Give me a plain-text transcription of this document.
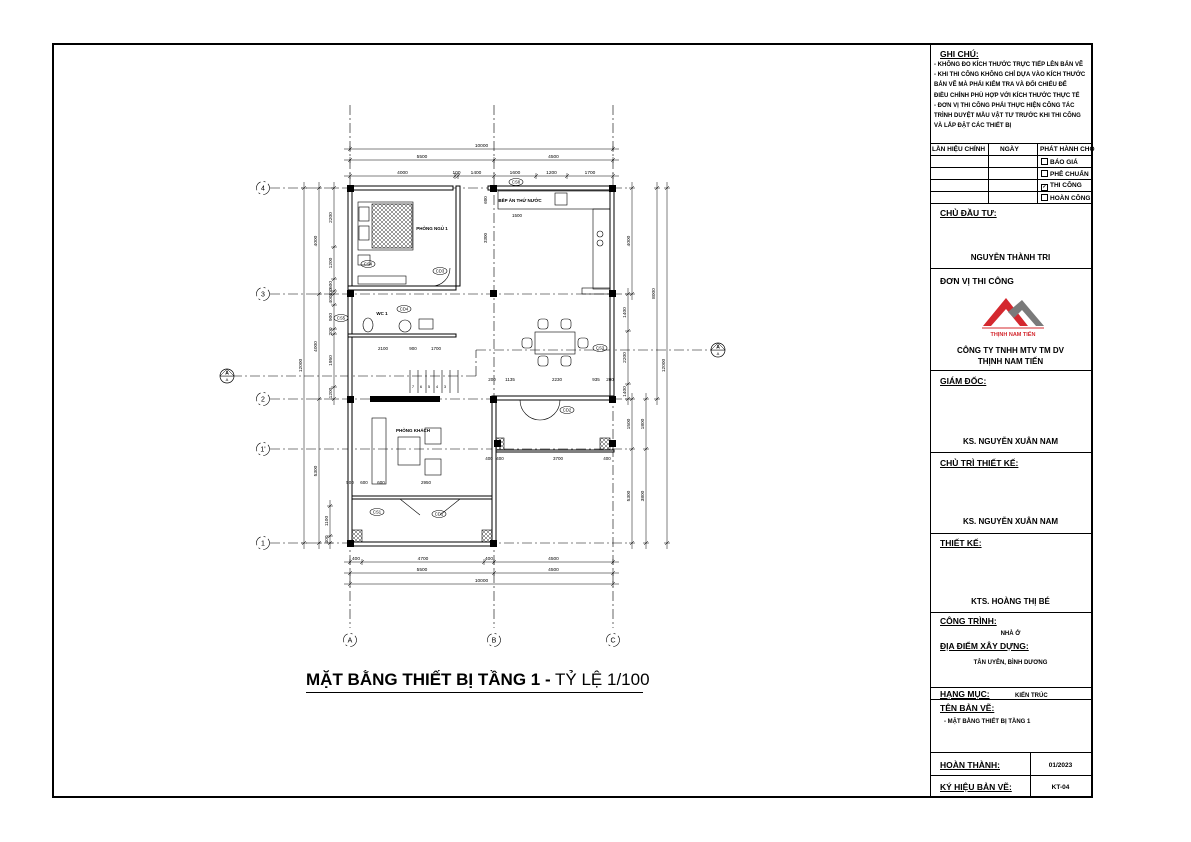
A	B	C
4
3
2
1'
1
A
A
A
A
10000
5500	4500
4000	100 1400	1600	1200	1700
400	4700	400	4500
5500	4500
10000
2200
1200
600
400
400
900
200
1950
1200
4000
4000
5300
12000
1100
400
4000
8000
1400
2200
1400
1500
5300
1800
3800
12000
7 6 5 4 3
PHÒNG NGỦ 1
BẾP ĂN THỨ NƯỚC
WC 1
PHÒNG KHÁCH
CS8
CD3
CS4
CS5
CD4
CS3
CD2
CS1	CD1
3300
1500
600
2100	900	1700
200 1135	2230	935 200
400	3700
400	400
600 600	2950
500
MẶT BẰNG THIẾT BỊ TẦNG 1 - TỶ LỆ 1/100
GHI CHÚ:
- KHÔNG ĐO KÍCH THƯỚC TRỰC TIẾP LÊN BẢN VẼ
- KHI THI CÔNG KHÔNG CHỈ DỰA VÀO KÍCH THƯỚC
BẢN VẼ MÀ PHẢI KIỂM TRA VÀ ĐỐI CHIẾU ĐỂ
ĐIỀU CHỈNH PHÙ HỢP VỚI KÍCH THƯỚC THỰC TẾ
- ĐƠN VỊ THI CÔNG PHẢI THỰC HIỆN CÔNG TÁC
TRÌNH DUYỆT MẪU VẬT TƯ TRƯỚC KHI THI CÔNG
VÀ LẮP ĐẶT CÁC THIẾT BỊ
LẦN HIỆU CHỈNH NGÀY	PHÁT HÀNH CHO
BÁO GIÁ
PHÊ CHUẨN
✓ THI CÔNG
HOÀN CÔNG
CHỦ ĐẦU TƯ:
NGUYỄN THÀNH TRI
ĐƠN VỊ THI CÔNG
THỊNH NAM TIẾN
CÔNG TY TNHH MTV TM DV
THỊNH NAM TIẾN
GIÁM ĐỐC:
KS. NGUYỄN XUÂN NAM
CHỦ TRÌ THIẾT KẾ:
KS. NGUYỄN XUÂN NAM
THIẾT KẾ:
KTS. HOÀNG THỊ BÉ
CÔNG TRÌNH:
NHÀ Ở
ĐỊA ĐIỂM XÂY DỰNG:
TÂN UYÊN, BÌNH DƯƠNG
HẠNG MỤC:	KIẾN TRÚC
TÊN BẢN VẼ:
- MẶT BẰNG THIẾT BỊ TẦNG 1
HOÀN THÀNH:	01/2023
KÝ HIỆU BẢN VẼ:	KT-04
